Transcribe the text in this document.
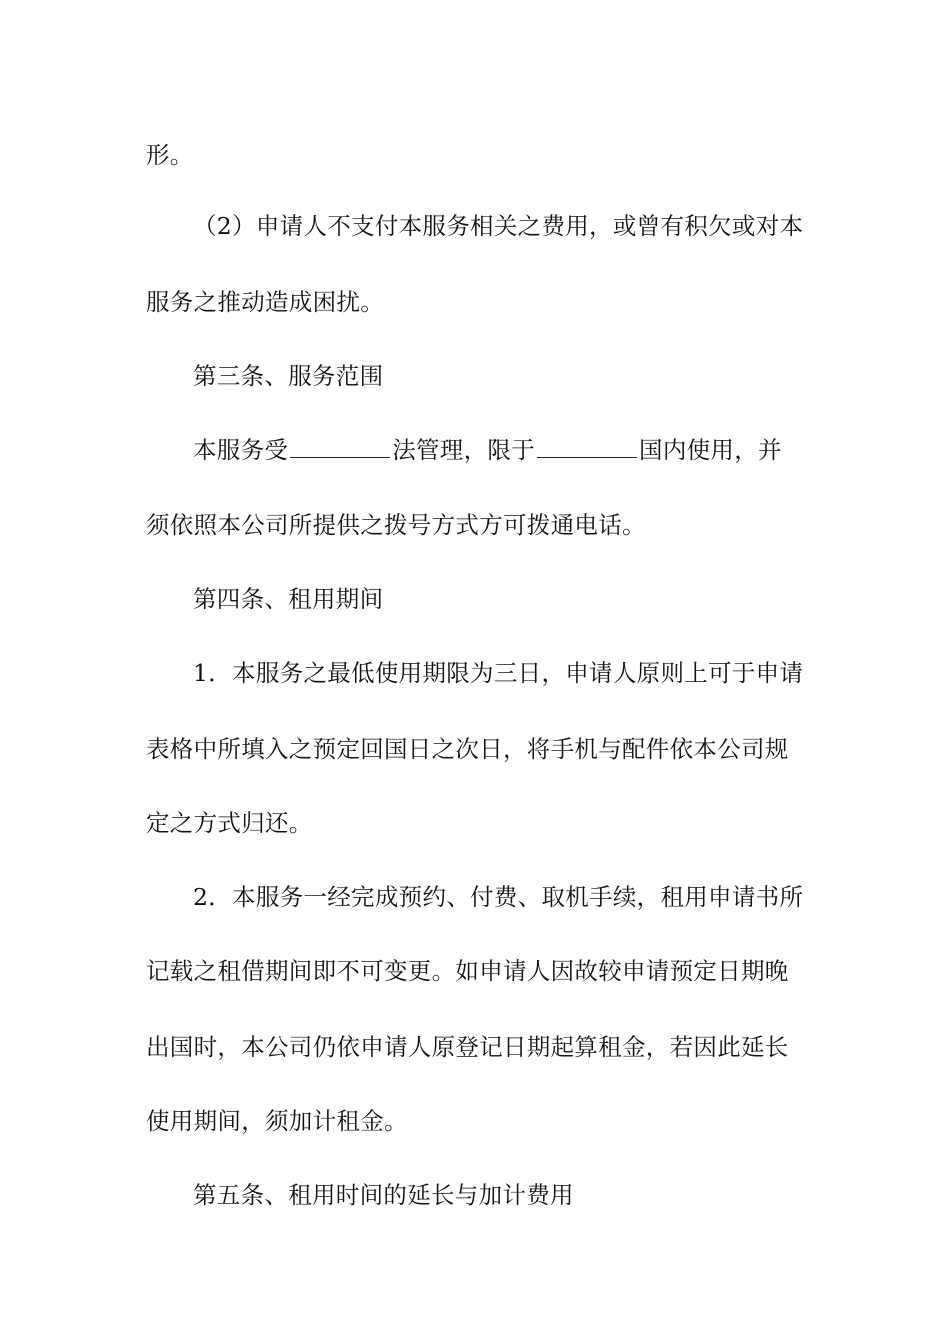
形。
（2）申请人不支付本服务相关之费用，或曾有积欠或对本
服务之推动造成困扰。
第三条、服务范围
本服务受	法管理，限于	国内使用，并
须依照本公司所提供之拨号方式方可拨通电话。
第四条、租用期间
1．本服务之最低使用期限为三日，申请人原则上可于申请
表格中所填入之预定回国日之次日，将手机与配件依本公司规
定之方式归还。
2．本服务一经完成预约、付费、取机手续，租用申请书所
记载之租借期间即不可变更。如申请人因故较申请预定日期晚
出国时，本公司仍依申请人原登记日期起算租金，若因此延长
使用期间，须加计租金。
第五条、租用时间的延长与加计费用
